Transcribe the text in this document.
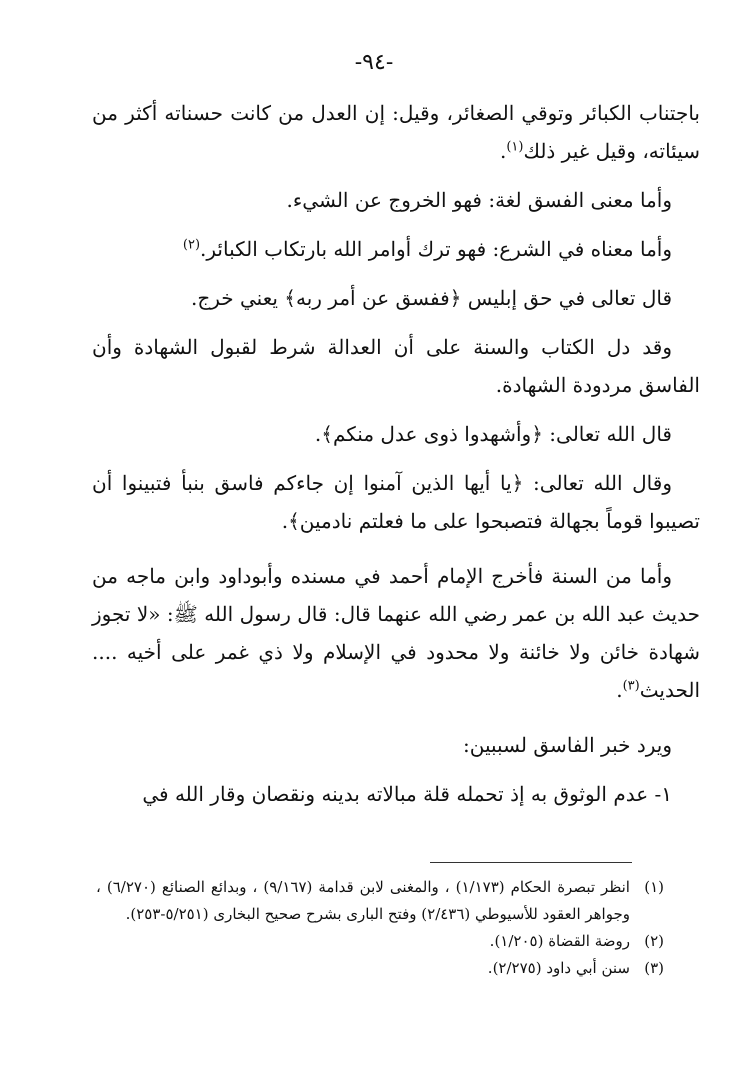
-٩٤-

باجتناب الكبائر وتوقي الصغائر، وقيل: إن العدل من كانت حسناته أكثر من سيئاته، وقيل غير ذلك$^{(١)}$.

وأما معنى الفسق لغة: فهو الخروج عن الشيء.

وأما معناه في الشرع: فهو ترك أوامر الله بارتكاب الكبائر.$^{(٢)}$

قال تعالى في حق إبليس ﴿ففسق عن أمر ربه﴾ يعني خرج.

وقد دل الكتاب والسنة على أن العدالة شرط لقبول الشهادة وأن الفاسق مردودة الشهادة.

قال الله تعالى: ﴿وأشهدوا ذوى عدل منكم﴾.

وقال الله تعالى: ﴿يا أيها الذين آمنوا إن جاءكم فاسق بنبأ فتبينوا أن تصيبوا قوماً بجهالة فتصبحوا على ما فعلتم نادمين﴾.

وأما من السنة فأخرج الإمام أحمد في مسنده وأبوداود وابن ماجه من حديث عبد الله بن عمر رضي الله عنهما قال: قال رسول الله ﷺ: «لا تجوز شهادة خائن ولا خائنة ولا محدود في الإسلام ولا ذي غمر على أخيه .... الحديث$^{(٣)}$.

ويرد خبر الفاسق لسببين:

١- عدم الوثوق به إذ تحمله قلة مبالاته بدينه ونقصان وقار الله في

(١)
انظر تبصرة الحكام (١/١٧٣) ، والمغنى لابن قدامة (٩/١٦٧) ، وبدائع الصنائع (٦/٢٧٠) ، وجواهر العقود للأسيوطي (٢/٤٣٦) وفتح البارى بشرح صحيح البخارى (٥/٢٥١-٢٥٣).
(٢)
روضة القضاة (١/٢٠٥).
(٣)
سنن أبي داود (٢/٢٧٥).
